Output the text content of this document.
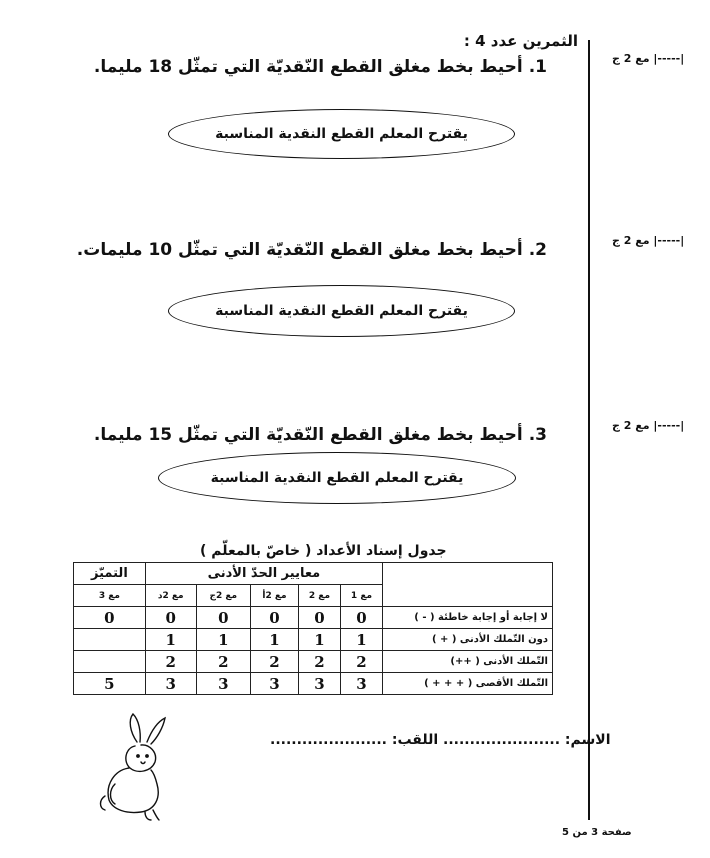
مع 2 ج |-----|
مع 2 ج |-----|
مع 2 ج |-----|
الثمرين عدد 4 :
1. أحيط بخط مغلق القطع النّقديّة التي تمثّل 18 مليما.
يقترح المعلم القطع النقدية المناسبة
2. أحيط بخط مغلق القطع النّقديّة التي تمثّل 10 مليمات.
يقترح المعلم القطع النقدية المناسبة
3. أحيط بخط مغلق القطع النّقديّة التي تمثّل 15 مليما.
يقترح المعلم القطع النقدية المناسبة
جدول إسناد الأعداد ( خاصّ بالمعلّم )
	معايير الحدّ الأدنى					التميّز
	مع 1	مع 2	مع 2أ	مع 2ج	مع 2د	مع 3
لا إجابة أو إجابة خاطئة ( - )	0	0	0	0	0	0
دون التّملك الأدنى ( + )	1	1	1	1	1	
التّملك الأدنى ( ++)	2	2	2	2	2	
التّملك الأقصى ( + + + )	3	3	3	3	3	5
الاسم: ...................... اللقب: ......................
صفحة 3 من 5
